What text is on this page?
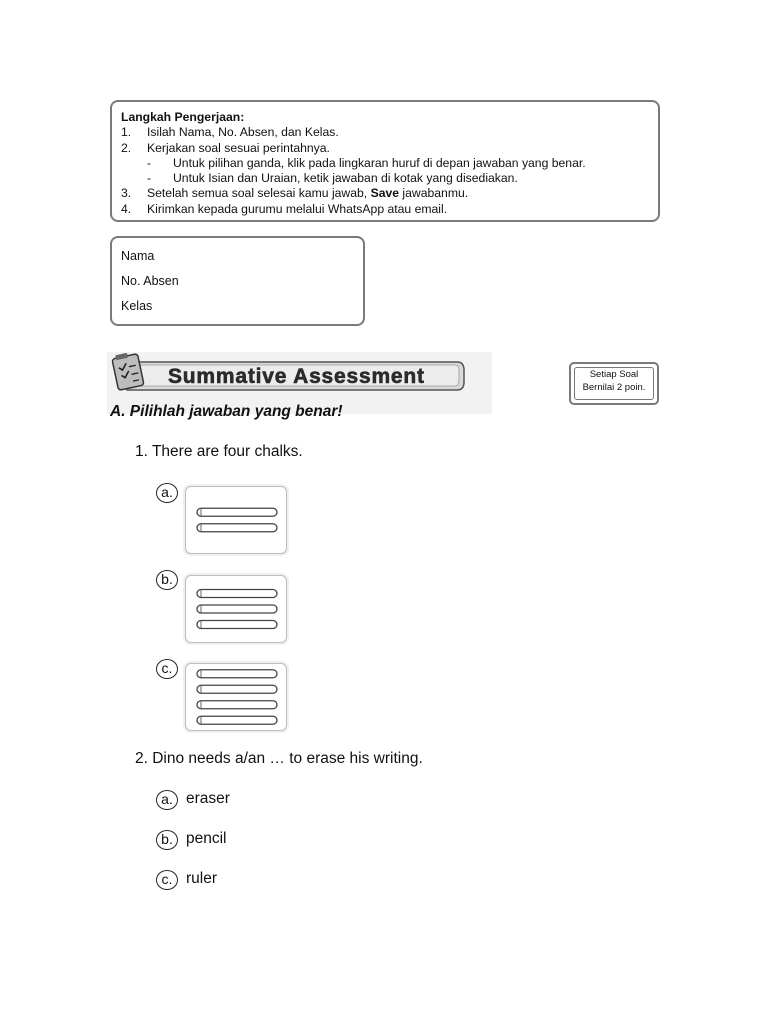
Langkah Pengerjaan:
1. Isilah Nama, No. Absen, dan Kelas.
2. Kerjakan soal sesuai perintahnya.
- Untuk pilihan ganda, klik pada lingkaran huruf di depan jawaban yang benar.
- Untuk Isian dan Uraian, ketik jawaban di kotak yang disediakan.
3. Setelah semua soal selesai kamu jawab, Save jawabanmu.
4. Kirimkan kepada gurumu melalui WhatsApp atau email.
Nama
No. Absen
Kelas
Summative Assessment	Setiap Soal
Bernilai 2 poin.
A. Pilihlah jawaban yang benar!
1. There are four chalks.
a.
b.
c.
2. Dino needs a/an … to erase his writing.
a. eraser
b. pencil
c. ruler
